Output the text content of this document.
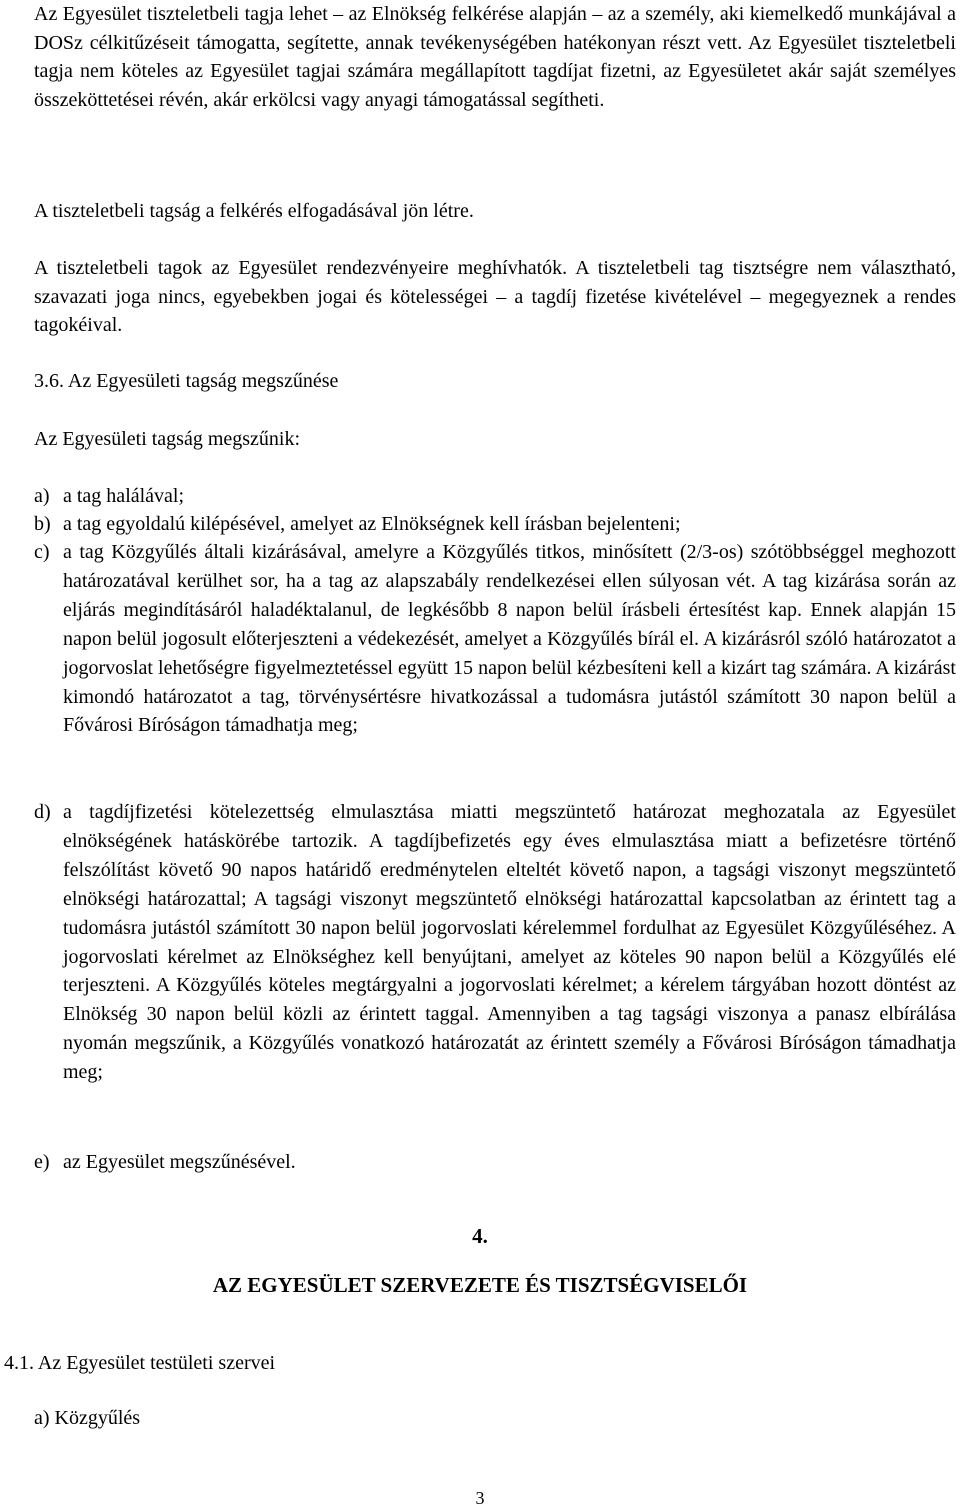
Az Egyesület tiszteletbeli tagja lehet – az Elnökség felkérése alapján – az a személy, aki kiemelkedő munkájával a DOSz célkitűzéseit támogatta, segítette, annak tevékenységében hatékonyan részt vett. Az Egyesület tiszteletbeli tagja nem köteles az Egyesület tagjai számára megállapított tagdíjat fizetni, az Egyesületet akár saját személyes összeköttetései révén, akár erkölcsi vagy anyagi támogatással segítheti.
A tiszteletbeli tagság a felkérés elfogadásával jön létre.
A tiszteletbeli tagok az Egyesület rendezvényeire meghívhatók. A tiszteletbeli tag tisztségre nem választható, szavazati joga nincs, egyebekben jogai és kötelességei – a tagdíj fizetése kivételével – megegyeznek a rendes tagokéival.
3.6. Az Egyesületi tagság megszűnése
Az Egyesületi tagság megszűnik:
a) a tag halálával;
b) a tag egyoldalú kilépésével, amelyet az Elnökségnek kell írásban bejelenteni;
c) a tag Közgyűlés általi kizárásával, amelyre a Közgyűlés titkos, minősített (2/3-os) szótöbbséggel meghozott határozatával kerülhet sor, ha a tag az alapszabály rendelkezései ellen súlyosan vét. A tag kizárása során az eljárás megindításáról haladéktalanul, de legkésőbb 8 napon belül írásbeli értesítést kap. Ennek alapján 15 napon belül jogosult előterjeszteni a védekezését, amelyet a Közgyűlés bírál el. A kizárásról szóló határozatot a jogorvoslat lehetőségre figyelmeztetéssel együtt 15 napon belül kézbesíteni kell a kizárt tag számára. A kizárást kimondó határozatot a tag, törvénysértésre hivatkozással a tudomásra jutástól számított 30 napon belül a Fővárosi Bíróságon támadhatja meg;
d) a tagdíjfizetési kötelezettség elmulasztása miatti megszüntető határozat meghozatala az Egyesület elnökségének hatáskörébe tartozik. A tagdíjbefizetés egy éves elmulasztása miatt a befizetésre történő felszólítást követő 90 napos határidő eredménytelen elteltét követő napon, a tagsági viszonyt megszüntető elnökségi határozattal; A tagsági viszonyt megszüntető elnökségi határozattal kapcsolatban az érintett tag a tudomásra jutástól számított 30 napon belül jogorvoslati kérelemmel fordulhat az Egyesület Közgyűléséhez. A jogorvoslati kérelmet az Elnökséghez kell benyújtani, amelyet az köteles 90 napon belül a Közgyűlés elé terjeszteni. A Közgyűlés köteles megtárgyalni a jogorvoslati kérelmet; a kérelem tárgyában hozott döntést az Elnökség 30 napon belül közli az érintett taggal. Amennyiben a tag tagsági viszonya a panasz elbírálása nyomán megszűnik, a Közgyűlés vonatkozó határozatát az érintett személy a Fővárosi Bíróságon támadhatja meg;
e) az Egyesület megszűnésével.
4.
AZ EGYESÜLET SZERVEZETE ÉS TISZTSÉGVISELŐI
4.1. Az Egyesület testületi szervei
a) Közgyűlés
3
